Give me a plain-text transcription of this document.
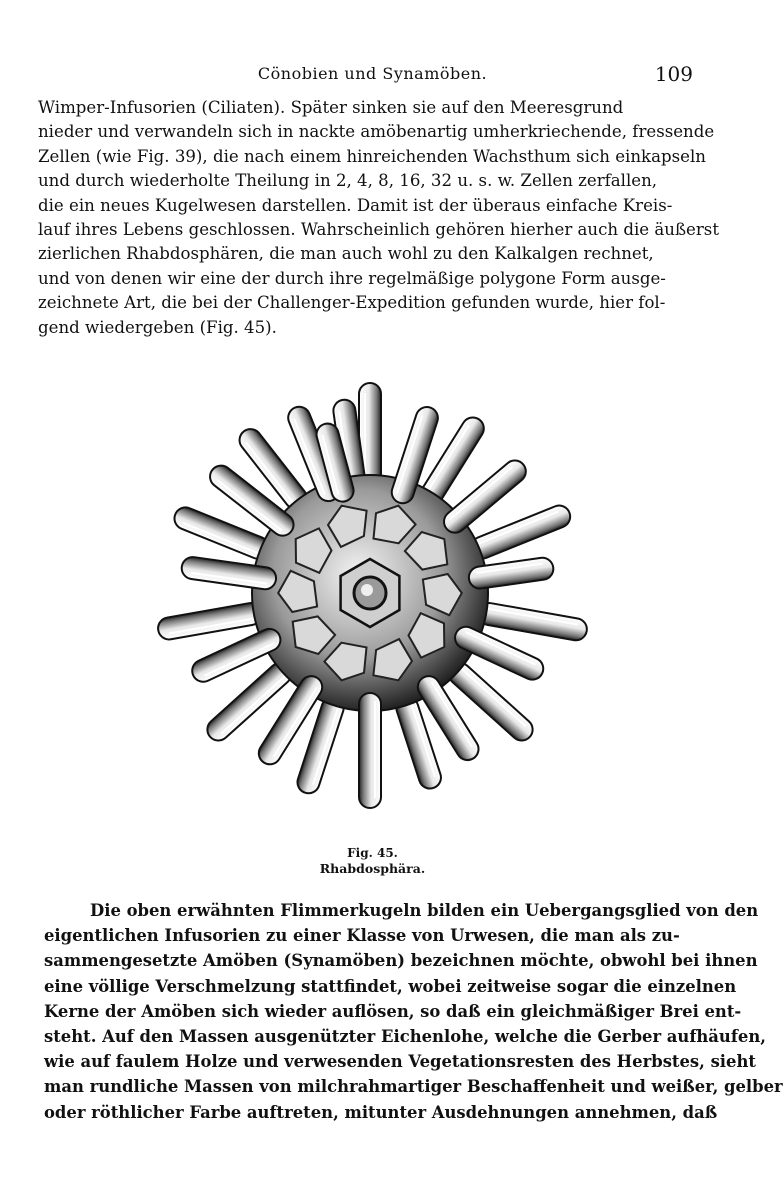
Cönobien und Synamöben.	109
Wimper-Infusorien (Ciliaten). Später sinken sie auf den Meeresgrund
nieder und verwandeln sich in nackte amöbenartig umherkriechende, fressende
Zellen (wie Fig. 39), die nach einem hinreichenden Wachsthum sich einkapseln
und durch wiederholte Theilung in 2, 4, 8, 16, 32 u. s. w. Zellen zerfallen,
die ein neues Kugelwesen darstellen. Damit ist der überaus einfache Kreis-
lauf ihres Lebens geschlossen. Wahrscheinlich gehören hierher auch die äußerst
zierlichen Rhabdosphären, die man auch wohl zu den Kalkalgen rechnet,
und von denen wir eine der durch ihre regelmäßige polygone Form ausge-
zeichnete Art, die bei der Challenger-Expedition gefunden wurde, hier fol-
gend wiedergeben (Fig. 45).
Fig. 45.
Rhabdosphära.
Die oben erwähnten Flimmerkugeln bilden ein Uebergangsglied von den
eigentlichen Infusorien zu einer Klasse von Urwesen, die man als zu-
sammengesetzte Amöben (Synamöben) bezeichnen möchte, obwohl bei ihnen
eine völlige Verschmelzung stattfindet, wobei zeitweise sogar die einzelnen
Kerne der Amöben sich wieder auflösen, so daß ein gleichmäßiger Brei ent-
steht. Auf den Massen ausgenützter Eichenlohe, welche die Gerber aufhäufen,
wie auf faulem Holze und verwesenden Vegetationsresten des Herbstes, sieht
man rundliche Massen von milchrahmartiger Beschaffenheit und weißer, gelber
oder röthlicher Farbe auftreten, mitunter Ausdehnungen annehmen, daß
